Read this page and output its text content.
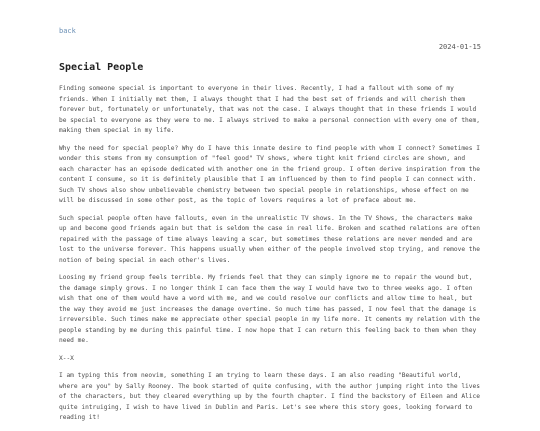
back
2024-01-15
Special People

Finding someone special is important to everyone in their lives. Recently, I had a fallout with some of my friends. When I initially met them, I always thought that I had the best set of friends and will cherish them forever but, fortunately or unfortunately, that was not the case. I always thought that in these friends I would be special to everyone as they were to me. I always strived to make a personal connection with every one of them, making them special in my life.

Why the need for special people? Why do I have this innate desire to find people with whom I connect? Sometimes I wonder this stems from my consumption of "feel good" TV shows, where tight knit friend circles are shown, and each character has an episode dedicated with another one in the friend group. I often derive inspiration from the content I consume, so it is definitely plausible that I am influenced by them to find people I can connect with. Such TV shows also show unbelievable chemistry between two special people in relationships, whose effect on me will be discussed in some other post, as the topic of lovers requires a lot of preface about me.

Such special people often have fallouts, even in the unrealistic TV shows. In the TV Shows, the characters make up and become good friends again but that is seldom the case in real life. Broken and scathed relations are often repaired with the passage of time always leaving a scar, but sometimes these relations are never mended and are lost to the universe forever. This happens usually when either of the people involved stop trying, and remove the notion of being special in each other's lives.

Loosing my friend group feels terrible. My friends feel that they can simply ignore me to repair the wound but, the damage simply grows. I no longer think I can face them the way I would have two to three weeks ago. I often wish that one of them would have a word with me, and we could resolve our conflicts and allow time to heal, but the way they avoid me just increases the damage overtime. So much time has passed, I now feel that the damage is irreversible. Such times make me appreciate other special people in my life more. It cements my relation with the people standing by me during this painful time. I now hope that I can return this feeling back to them when they need me.

X--X

I am typing this from neovim, something I am trying to learn these days. I am also reading "Beautiful world, where are you" by Sally Rooney. The book started of quite confusing, with the author jumping right into the lives of the characters, but they cleared everything up by the fourth chapter. I find the backstory of Eileen and Alice quite intruiging, I wish to have lived in Dublin and Paris. Let's see where this story goes, looking forward to reading it!
